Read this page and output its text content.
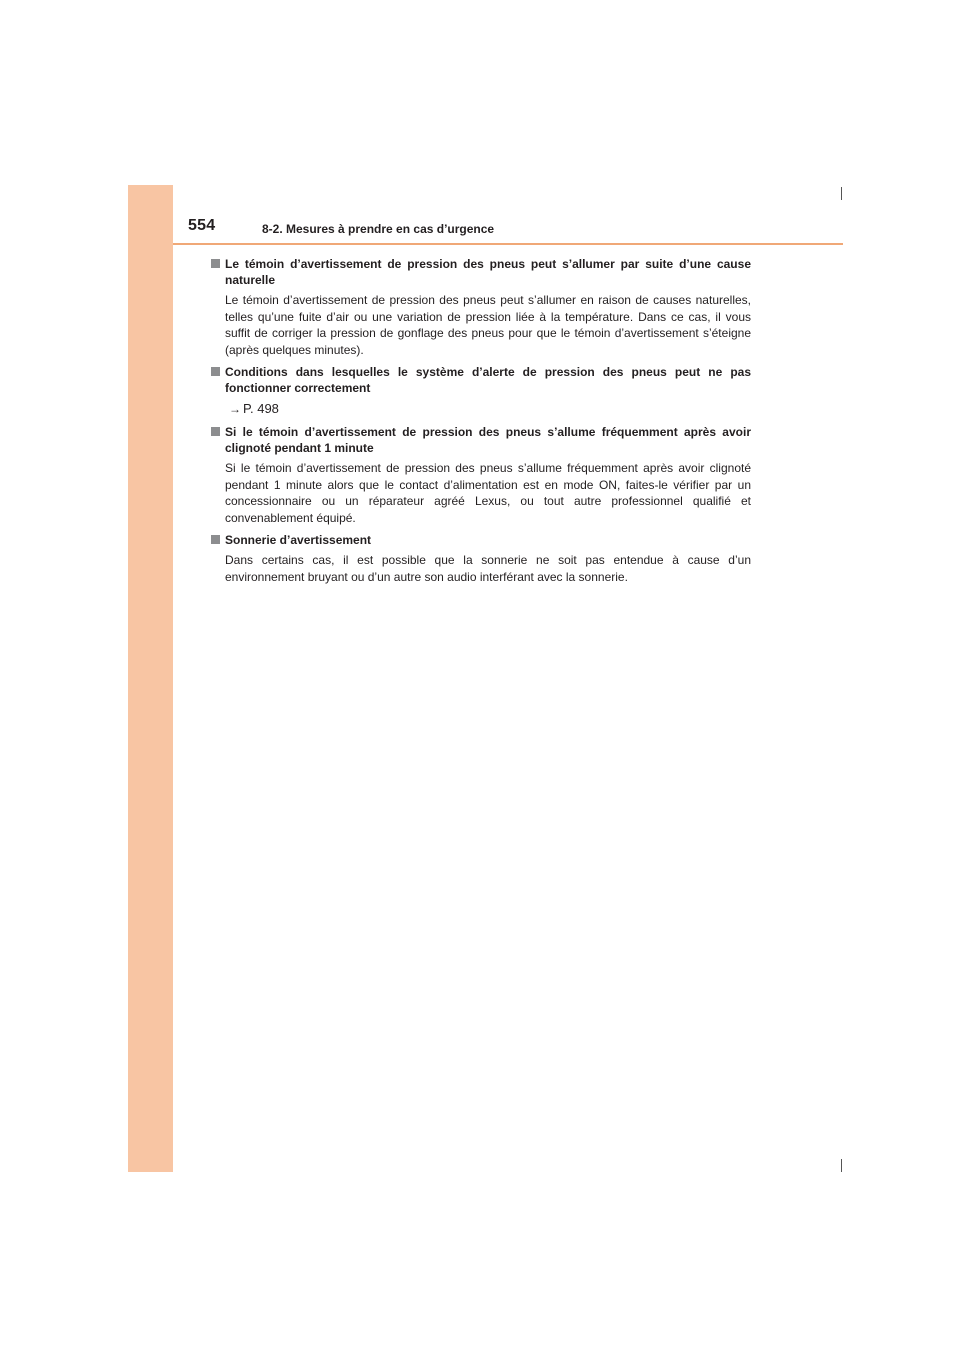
554	8-2. Mesures à prendre en cas d’urgence
Le témoin d’avertissement de pression des pneus peut s’allumer par suite d’une cause naturelle
Le témoin d’avertissement de pression des pneus peut s’allumer en raison de causes naturelles, telles qu’une fuite d’air ou une variation de pression liée à la température. Dans ce cas, il vous suffit de corriger la pression de gonflage des pneus pour que le témoin d’avertissement s’éteigne (après quelques minutes).
Conditions dans lesquelles le système d’alerte de pression des pneus peut ne pas fonctionner correctement
→ P. 498
Si le témoin d’avertissement de pression des pneus s’allume fréquemment après avoir clignoté pendant 1 minute
Si le témoin d’avertissement de pression des pneus s’allume fréquemment après avoir clignoté pendant 1 minute alors que le contact d’alimentation est en mode ON, faites-le vérifier par un concessionnaire ou un réparateur agréé Lexus, ou tout autre professionnel qualifié et convenablement équipé.
Sonnerie d’avertissement
Dans certains cas, il est possible que la sonnerie ne soit pas entendue à cause d’un environnement bruyant ou d’un autre son audio interférant avec la sonnerie.
